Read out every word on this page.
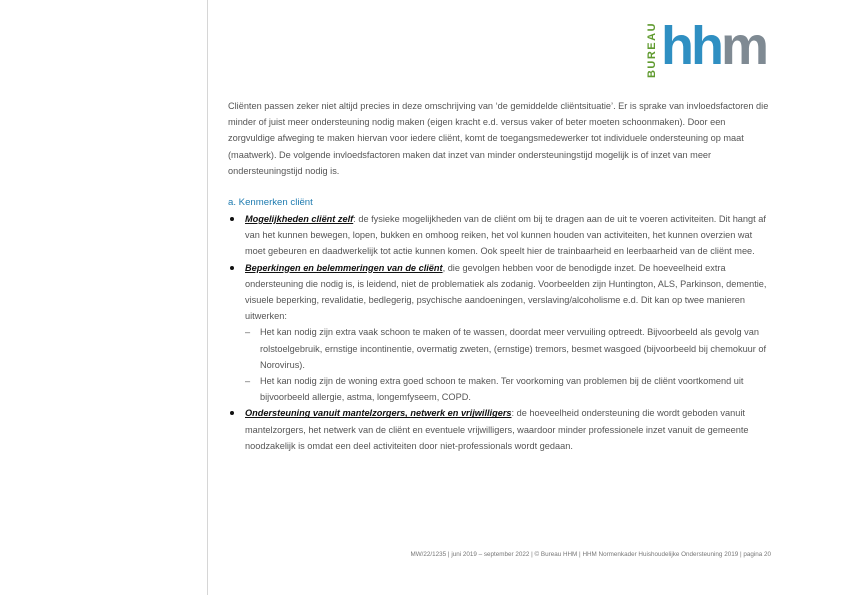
BUREAU hhm

Cliënten passen zeker niet altijd precies in deze omschrijving van ‘de gemiddelde cliëntsituatie’. Er is sprake van invloedsfactoren die minder of juist meer ondersteuning nodig maken (eigen kracht e.d. versus vaker of beter moeten schoonmaken). Door een zorgvuldige afweging te maken hiervan voor iedere cliënt, komt de toegangsmedewerker tot individuele ondersteuning op maat (maatwerk). De volgende invloedsfactoren maken dat inzet van minder ondersteuningstijd mogelijk is of inzet van meer ondersteuningstijd nodig is.

a. Kenmerken cliënt
Mogelijkheden cliënt zelf: de fysieke mogelijkheden van de cliënt om bij te dragen aan de uit te voeren activiteiten. Dit hangt af van het kunnen bewegen, lopen, bukken en omhoog reiken, het vol kunnen houden van activiteiten, het kunnen overzien wat moet gebeuren en daadwerkelijk tot actie kunnen komen. Ook speelt hier de trainbaarheid en leerbaarheid van de cliënt mee.
Beperkingen en belemmeringen van de cliënt, die gevolgen hebben voor de benodigde inzet. De hoeveelheid extra ondersteuning die nodig is, is leidend, niet de problematiek als zodanig. Voorbeelden zijn Huntington, ALS, Parkinson, dementie, visuele beperking, revalidatie, bedlegerig, psychische aandoeningen, verslaving/alcoholisme e.d. Dit kan op twee manieren uitwerken:
– Het kan nodig zijn extra vaak schoon te maken of te wassen, doordat meer vervuiling optreedt. Bijvoorbeeld als gevolg van rolstoelgebruik, ernstige incontinentie, overmatig zweten, (ernstige) tremors, besmet wasgoed (bijvoorbeeld bij chemokuur of Norovirus).
– Het kan nodig zijn de woning extra goed schoon te maken. Ter voorkoming van problemen bij de cliënt voortkomend uit bijvoorbeeld allergie, astma, longemfyseem, COPD.
Ondersteuning vanuit mantelzorgers, netwerk en vrijwilligers: de hoeveelheid ondersteuning die wordt geboden vanuit mantelzorgers, het netwerk van de cliënt en eventuele vrijwilligers, waardoor minder professionele inzet vanuit de gemeente noodzakelijk is omdat een deel activiteiten door niet-professionals wordt gedaan.
MW/22/1235 | juni 2019 – september 2022 | © Bureau HHM | HHM Normenkader Huishoudelijke Ondersteuning 2019 | pagina 20
